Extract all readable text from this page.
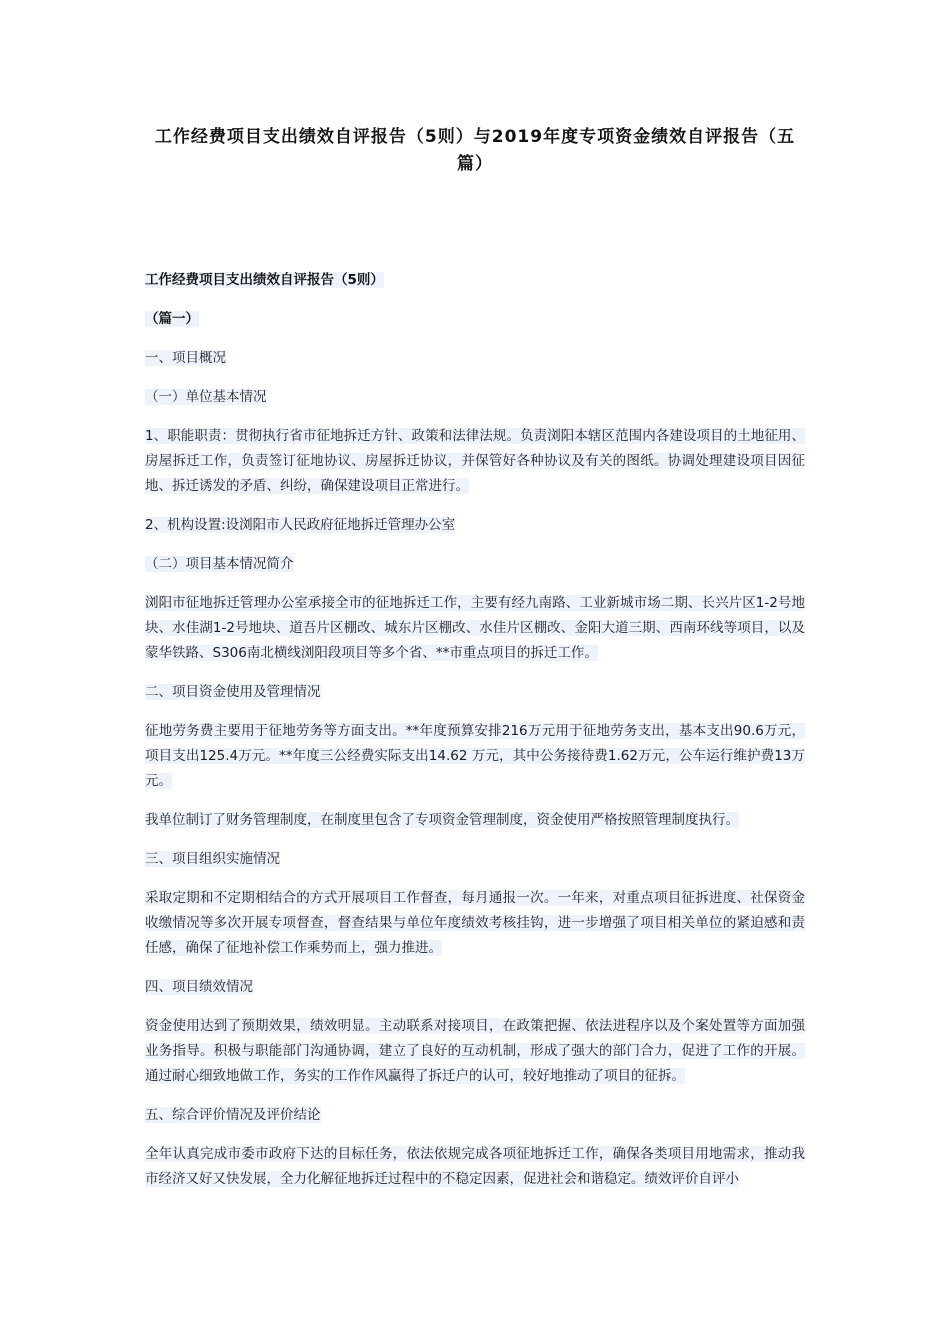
工作经费项目支出绩效自评报告（5则）与2019年度专项资金绩效自评报告（五篇）

工作经费项目支出绩效自评报告（5则）

（篇一）

一、项目概况

（一）单位基本情况

1、职能职责：贯彻执行省市征地拆迁方针、政策和法律法规。负责浏阳本辖区范围内各建设项目的土地征用、房屋拆迁工作，负责签订征地协议、房屋拆迁协议，并保管好各种协议及有关的图纸。协调处理建设项目因征地、拆迁诱发的矛盾、纠纷，确保建设项目正常进行。

2、机构设置:设浏阳市人民政府征地拆迁管理办公室

（二）项目基本情况简介

浏阳市征地拆迁管理办公室承接全市的征地拆迁工作，主要有经九南路、工业新城市场二期、长兴片区1-2号地块、水佳湖1-2号地块、道吾片区棚改、城东片区棚改、水佳片区棚改、金阳大道三期、西南环线等项目，以及蒙华铁路、S306南北横线浏阳段项目等多个省、**市重点项目的拆迁工作。

二、项目资金使用及管理情况

征地劳务费主要用于征地劳务等方面支出。**年度预算安排216万元用于征地劳务支出，基本支出90.6万元，项目支出125.4万元。**年度三公经费实际支出14.62 万元，其中公务接待费1.62万元，公车运行维护费13万元。

我单位制订了财务管理制度，在制度里包含了专项资金管理制度，资金使用严格按照管理制度执行。

三、项目组织实施情况

采取定期和不定期相结合的方式开展项目工作督查，每月通报一次。一年来，对重点项目征拆进度、社保资金收缴情况等多次开展专项督查，督查结果与单位年度绩效考核挂钩，进一步增强了项目相关单位的紧迫感和责任感，确保了征地补偿工作乘势而上，强力推进。

四、项目绩效情况

资金使用达到了预期效果，绩效明显。主动联系对接项目，在政策把握、依法进程序以及个案处置等方面加强业务指导。积极与职能部门沟通协调，建立了良好的互动机制，形成了强大的部门合力，促进了工作的开展。通过耐心细致地做工作，务实的工作作风赢得了拆迁户的认可，较好地推动了项目的征拆。

五、综合评价情况及评价结论

全年认真完成市委市政府下达的目标任务，依法依规完成各项征地拆迁工作，确保各类项目用地需求，推动我市经济又好又快发展，全力化解征地拆迁过程中的不稳定因素，促进社会和谐稳定。绩效评价自评小
